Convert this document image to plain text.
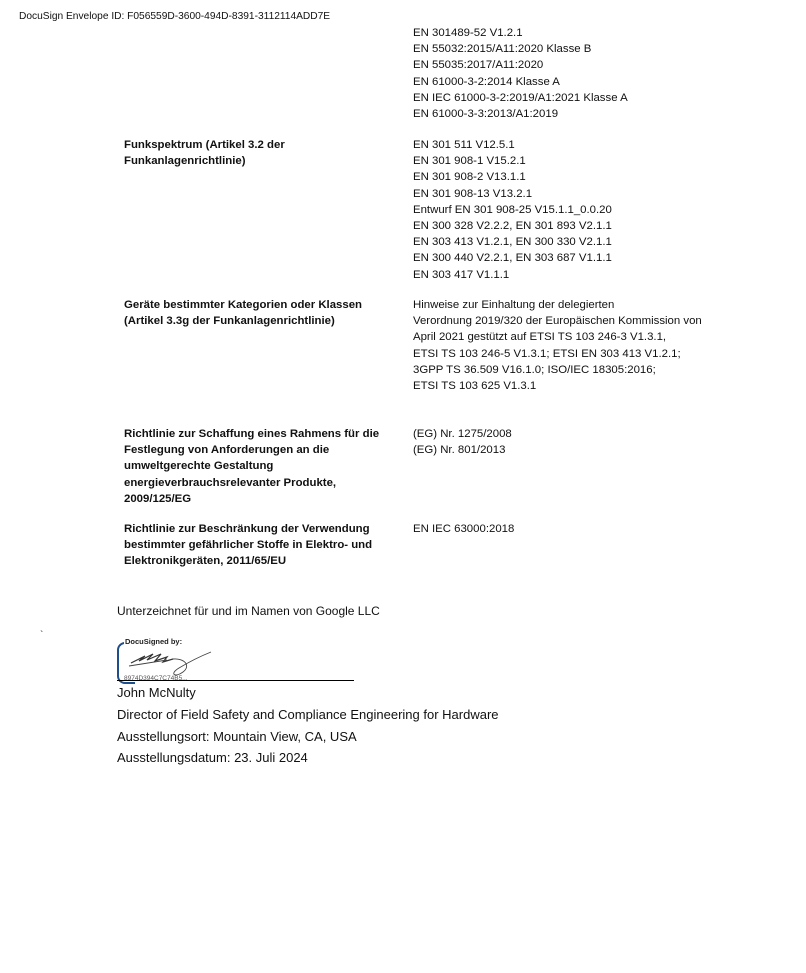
DocuSign Envelope ID: F056559D-3600-494D-8391-3112114ADD7E
EN 301489-52 V1.2.1
EN 55032:2015/A11:2020 Klasse B
EN 55035:2017/A11:2020
EN 61000-3-2:2014 Klasse A
EN IEC 61000-3-2:2019/A1:2021 Klasse A
EN 61000-3-3:2013/A1:2019
Funkspektrum (Artikel 3.2 der
Funkanlagenrichtlinie)
EN 301 511 V12.5.1
EN 301 908-1 V15.2.1
EN 301 908-2 V13.1.1
EN 301 908-13 V13.2.1
Entwurf EN 301 908-25 V15.1.1_0.0.20
EN 300 328 V2.2.2, EN 301 893 V2.1.1
EN 303 413 V1.2.1, EN 300 330 V2.1.1
EN 300 440 V2.2.1, EN 303 687 V1.1.1
EN 303 417 V1.1.1
Geräte bestimmter Kategorien oder Klassen
(Artikel 3.3g der Funkanlagenrichtlinie)
Hinweise zur Einhaltung der delegierten
Verordnung 2019/320 der Europäischen Kommission von
April 2021 gestützt auf ETSI TS 103 246-3 V1.3.1,
ETSI TS 103 246-5 V1.3.1; ETSI EN 303 413 V1.2.1;
3GPP TS 36.509 V16.1.0; ISO/IEC 18305:2016;
ETSI TS 103 625 V1.3.1
Richtlinie zur Schaffung eines Rahmens für die
Festlegung von Anforderungen an die
umweltgerechte Gestaltung
energieverbrauchsrelevanter Produkte,
2009/125/EG
(EG) Nr. 1275/2008
(EG) Nr. 801/2013
Richtlinie zur Beschränkung der Verwendung
bestimmter gefährlicher Stoffe in Elektro- und
Elektronikgeräten, 2011/65/EU
EN IEC 63000:2018
Unterzeichnet für und im Namen von Google LLC
`
DocuSigned by:
8974D394C7C74B5...
John McNulty
Director of Field Safety and Compliance Engineering for Hardware
Ausstellungsort: Mountain View, CA, USA
Ausstellungsdatum: 23. Juli 2024
